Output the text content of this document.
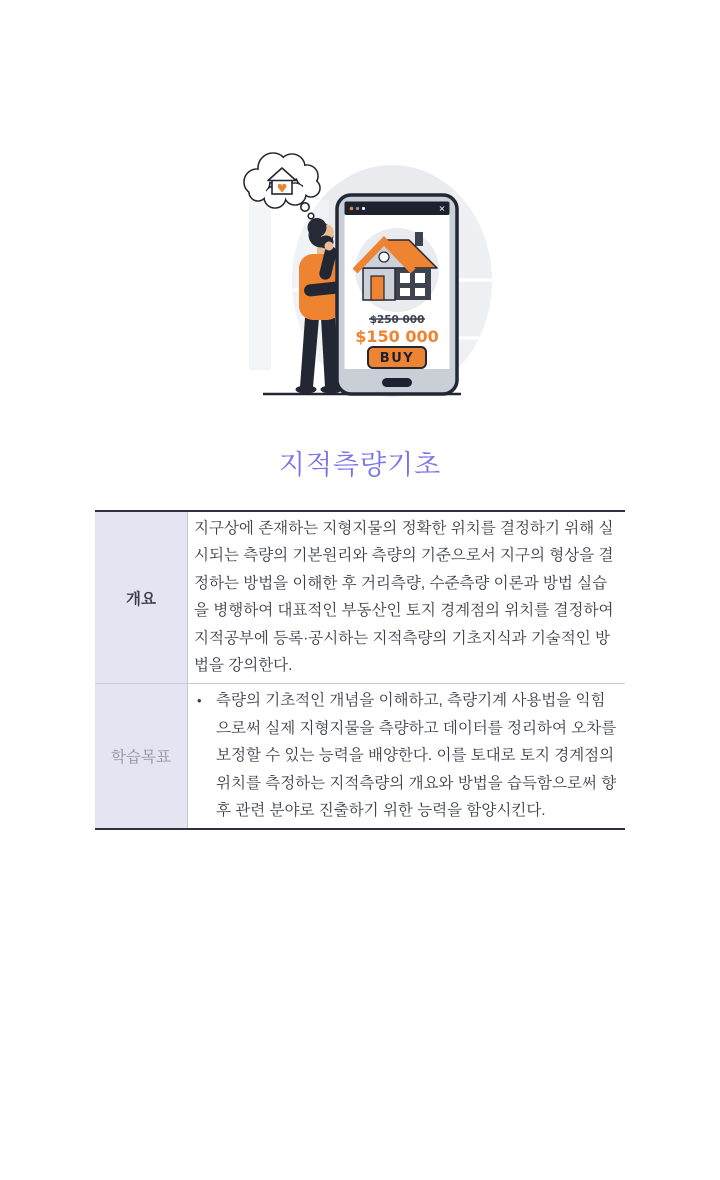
✕
$250 000
$150 000
BUY
♥
지적측량기초
개요
지구상에 존재하는 지형지물의 정확한 위치를 결정하기 위해 실시되는 측량의 기본원리와 측량의 기준으로서 지구의 형상을 결정하는 방법을 이해한 후 거리측량, 수준측량 이론과 방법 실습을 병행하여 대표적인 부동산인 토지 경계점의 위치를 결정하여 지적공부에 등록·공시하는 지적측량의 기초지식과 기술적인 방법을 강의한다.
학습목표
• 측량의 기초적인 개념을 이해하고, 측량기계 사용법을 익힘으로써 실제 지형지물을 측량하고 데이터를 정리하여 오차를 보정할 수 있는 능력을 배양한다. 이를 토대로 토지 경계점의 위치를 측정하는 지적측량의 개요와 방법을 습득함으로써 향후 관련 분야로 진출하기 위한 능력을 함양시킨다.
